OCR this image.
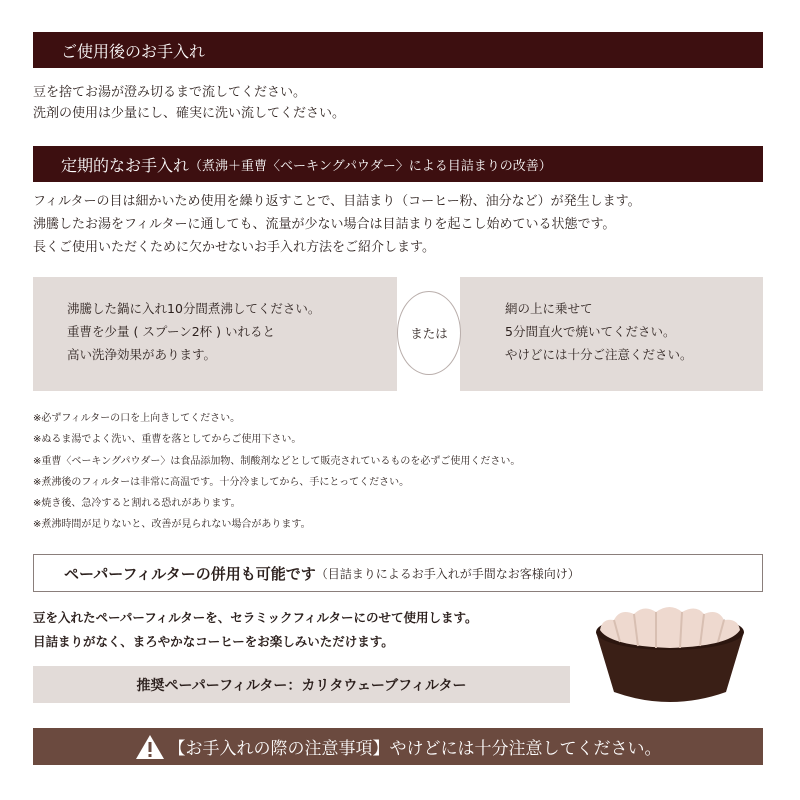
ご使用後のお手入れ
豆を捨てお湯が澄み切るまで流してください。
洗剤の使用は少量にし、確実に洗い流してください。
定期的なお手入れ （煮沸＋重曹〈ベーキングパウダー〉による目詰まりの改善）
フィルターの目は細かいため使用を繰り返すことで、目詰まり（コーヒー粉、油分など）が発生します。
沸騰したお湯をフィルターに通しても、流量が少ない場合は目詰まりを起こし始めている状態です。
長くご使用いただくために欠かせないお手入れ方法をご紹介します。
沸騰した鍋に入れ10分間煮沸してください。
重曹を少量 ( スプーン2杯 ) いれると
高い洗浄効果があります。
網の上に乗せて
5分間直火で焼いてください。
やけどには十分ご注意ください。
または
※必ずフィルターの口を上向きしてください。
※ぬるま湯でよく洗い、重曹を落としてからご使用下さい。
※重曹〈ベーキングパウダー〉は食品添加物、制酸剤などとして販売されているものを必ずご使用ください。
※煮沸後のフィルターは非常に高温です。十分冷ましてから、手にとってください。
※焼き後、急冷すると割れる恐れがあります。
※煮沸時間が足りないと、改善が見られない場合があります。
ペーパーフィルターの併用も可能です （目詰まりによるお手入れが手間なお客様向け）
豆を入れたペーパーフィルターを、セラミックフィルターにのせて使用します。
目詰まりがなく、まろやかなコーヒーをお楽しみいただけます。
推奨ペーパーフィルター：カリタウェーブフィルター
【お手入れの際の注意事項】やけどには十分注意してください。
